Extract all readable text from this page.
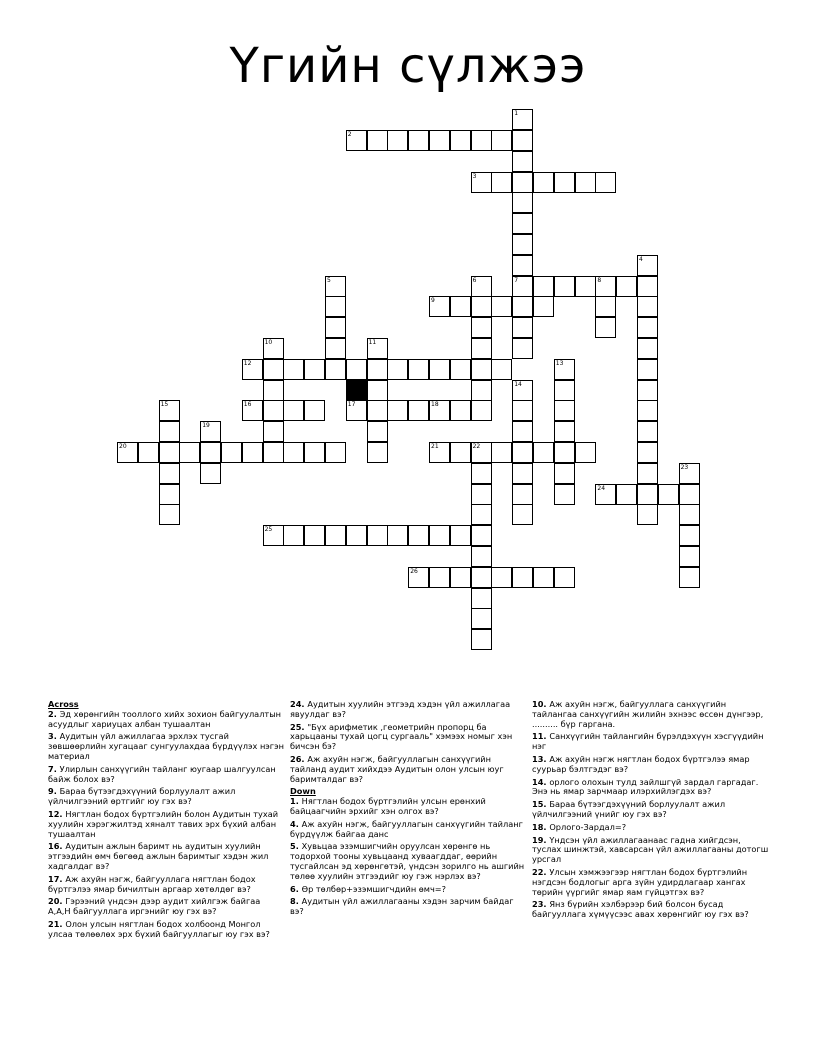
Үгийн сүлжээ
2
3
7	8
9
12
16	17	18
20	21	22
24
25
26
1
4
5	6
10	11
13
14
15
19
23
Across
2. Эд хөрөнгийн тооллого хийх зохион байгуулалтын асуудлыг хариуцах албан тушаалтан
3. Аудитын үйл ажиллагаа эрхлэх тусгай зөвшөөрлийн хугацааг сунгуулахдаа бүрдүүлэх нэгэн материал
7. Улирлын санхүүгийн тайланг юугаар шалгуулсан байж болох вэ?
9. Бараа бүтээгдэхүүний борлуулалт ажил үйлчилгээний өртгийг юу гэх вэ?
12. Нягтлан бодох бүртгэлийн болон Аудитын тухай хуулийн хэрэгжилтэд хяналт тавих эрх бүхий албан тушаалтан
16. Аудитын ажлын баримт нь аудитын хуулийн этгээдийн өмч бөгөөд ажлын баримтыг хэдэн жил хадгалдаг вэ?
17. Аж ахуйн нэгж, байгууллага нягтлан бодох бүртгэлээ ямар бичилтын аргаар хөтөлдөг вэ?
20. Гэрээний үндсэн дээр аудит хийлгэж байгаа А,А,Н байгууллага иргэнийг юу гэх вэ?
21. Олон улсын нягтлан бодох холбоонд Монгол улсаа төлөөлөх эрх бүхий байгууллагыг юу гэх вэ?
24. Аудитын хуулийн этгээд хэдэн үйл ажиллагаа явуулдаг вэ?
25. "Бүх арифметик ,геометрийн пропорц ба харьцааны тухай цогц сургааль" хэмээх номыг хэн бичсэн бэ?
26. Аж ахуйн нэгж, байгууллагын санхүүгийн тайланд аудит хийхдээ Аудитын олон улсын юуг баримталдаг вэ?
Down
1. Нягтлан бодох бүртгэлийн улсын ерөнхий байцаагчийн эрхийг хэн олгох вэ?
4. Аж ахуйн нэгж, байгууллагын санхүүгийн тайланг бүрдүүлж байгаа данс
5. Хувьцаа эзэмшигчийн оруулсан хөрөнгө нь тодорхой тооны хувьцаанд хуваагддаг, өөрийн тусгайлсан эд хөрөнгөтэй, үндсэн зорилго нь ашгийн төлөө хуулийн этгээдийг юу гэж нэрлэх вэ?
6. Өр төлбөр+эзэмшигчдийн өмч=?
8. Аудитын үйл ажиллагааны хэдэн зарчим байдаг вэ?
10. Аж ахуйн нэгж, байгууллага санхүүгийн тайлангаа санхүүгийн жилийн эхнээс өссөн дүнгээр, .......... бүр гаргана.
11. Санхүүгийн тайлангийн бүрэлдэхүүн хэсгүүдийн нэг
13. Аж ахуйн нэгж нягтлан бодох бүртгэлээ ямар суурьар бэлтгэдэг вэ?
14. орлого олохын тулд зайлшгүй зардал гаргадаг. Энэ нь ямар зарчмаар илэрхийлэгдэх вэ?
15. Бараа бүтээгдэхүүний борлуулалт ажил үйлчилгээний үнийг юу гэх вэ?
18. Орлого-Зардал=?
19. Үндсэн үйл ажиллагаанаас гадна хийгдсэн, туслах шинжтэй, хавсарсан үйл ажиллагааны дотогш урсгал
22. Улсын хэмжээгээр нягтлан бодох бүртгэлийн нэгдсэн бодлогыг арга зүйн удирдлагаар хангах төрийн үүргийг ямар яам гүйцэтгэх вэ?
23. Янз бүрийн хэлбэрээр бий болсон бусад байгууллага хүмүүсээс авах хөрөнгийг юу гэх вэ?
